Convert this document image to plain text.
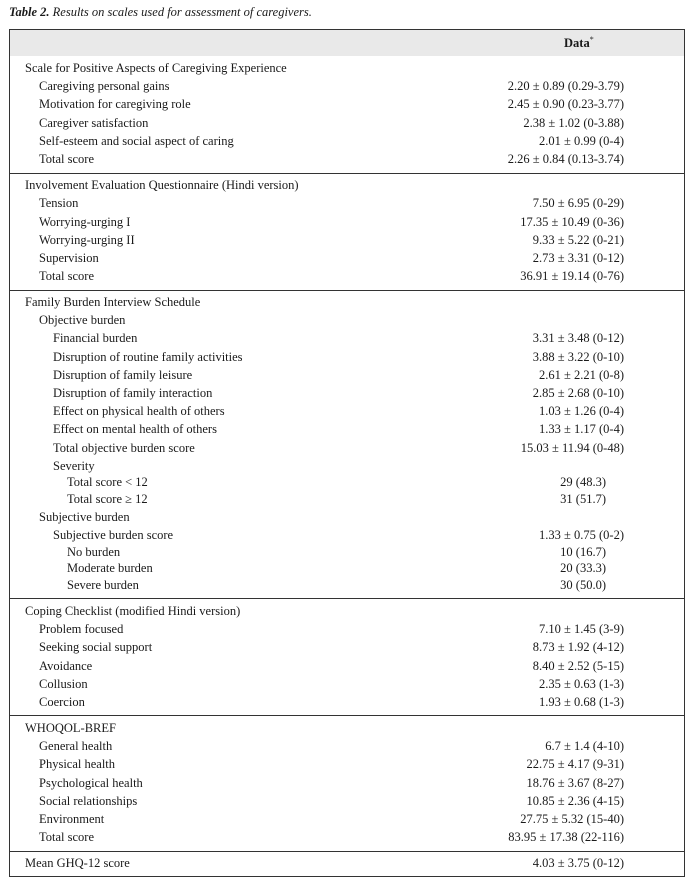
Table 2. Results on scales used for assessment of caregivers.
Data*
Scale for Positive Aspects of Caregiving Experience
Caregiving personal gains	2.20 ± 0.89 (0.29-3.79)
Motivation for caregiving role	2.45 ± 0.90 (0.23-3.77)
Caregiver satisfaction	2.38 ± 1.02 (0-3.88)
Self-esteem and social aspect of caring	2.01 ± 0.99 (0-4)
Total score	2.26 ± 0.84 (0.13-3.74)
Involvement Evaluation Questionnaire (Hindi version)
Tension	7.50 ± 6.95 (0-29)
Worrying-urging I	17.35 ± 10.49 (0-36)
Worrying-urging II	9.33 ± 5.22 (0-21)
Supervision	2.73 ± 3.31 (0-12)
Total score	36.91 ± 19.14 (0-76)
Family Burden Interview Schedule
Objective burden
Financial burden	3.31 ± 3.48 (0-12)
Disruption of routine family activities	3.88 ± 3.22 (0-10)
Disruption of family leisure	2.61 ± 2.21 (0-8)
Disruption of family interaction	2.85 ± 2.68 (0-10)
Effect on physical health of others	1.03 ± 1.26 (0-4)
Effect on mental health of others	1.33 ± 1.17 (0-4)
Total objective burden score	15.03 ± 11.94 (0-48)
Severity
Total score < 12	29 (48.3)
Total score ≥ 12	31 (51.7)
Subjective burden
Subjective burden score	1.33 ± 0.75 (0-2)
No burden	10 (16.7)
Moderate burden	20 (33.3)
Severe burden	30 (50.0)
Coping Checklist (modified Hindi version)
Problem focused	7.10 ± 1.45 (3-9)
Seeking social support	8.73 ± 1.92 (4-12)
Avoidance	8.40 ± 2.52 (5-15)
Collusion	2.35 ± 0.63 (1-3)
Coercion	1.93 ± 0.68 (1-3)
WHOQOL-BREF
General health	6.7 ± 1.4 (4-10)
Physical health	22.75 ± 4.17 (9-31)
Psychological health	18.76 ± 3.67 (8-27)
Social relationships	10.85 ± 2.36 (4-15)
Environment	27.75 ± 5.32 (15-40)
Total score	83.95 ± 17.38 (22-116)
Mean GHQ-12 score	4.03 ± 3.75 (0-12)
